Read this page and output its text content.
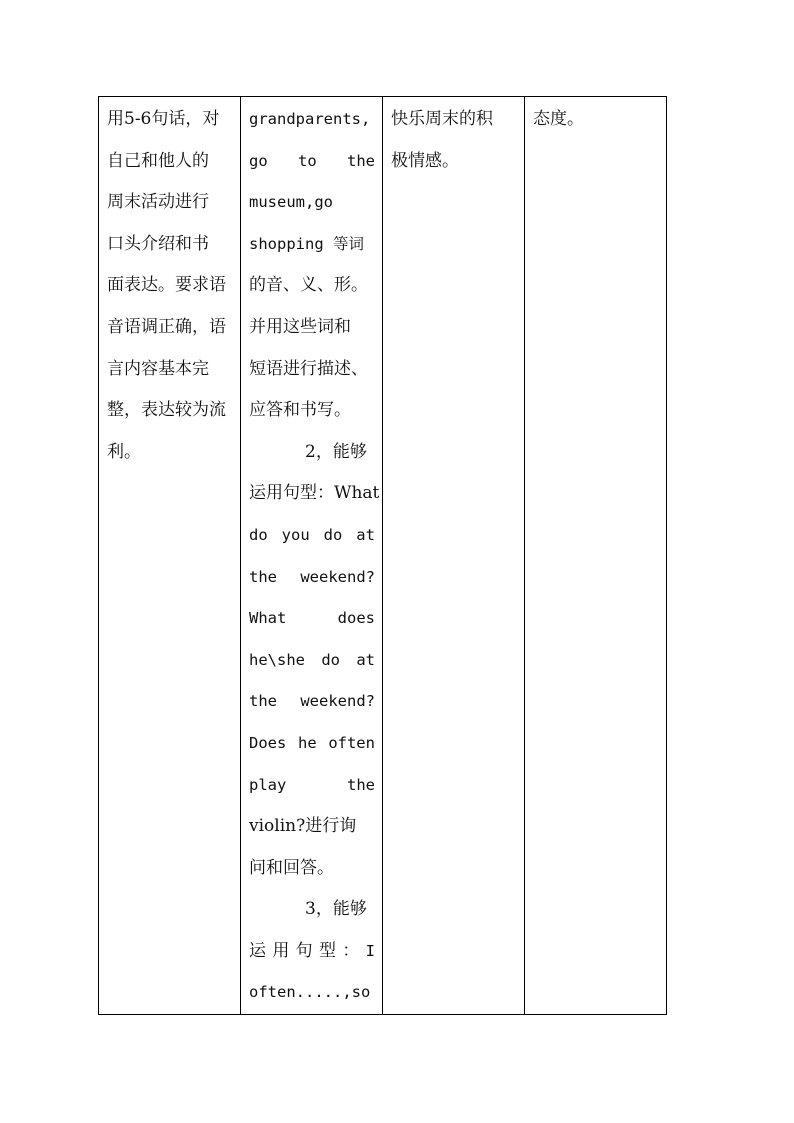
用5-6句话，对
自己和他人的
周末活动进行
口头介绍和书
面表达。要求语
音语调正确，语
言内容基本完
整，表达较为流
利。

grandparents,
go to the
museum,go
shopping 等词
的音、义、形。
并用这些词和
短语进行描述、
应答和书写。
2，能够
运用句型：What
do you do at
the weekend?
What	does
he\she do at
the weekend?
Does he often
play	the
violin?进行询
问和回答。
3，能够
运 用 句 型 ： I
often.....,so

快乐周末的积
极情感。

态度。
